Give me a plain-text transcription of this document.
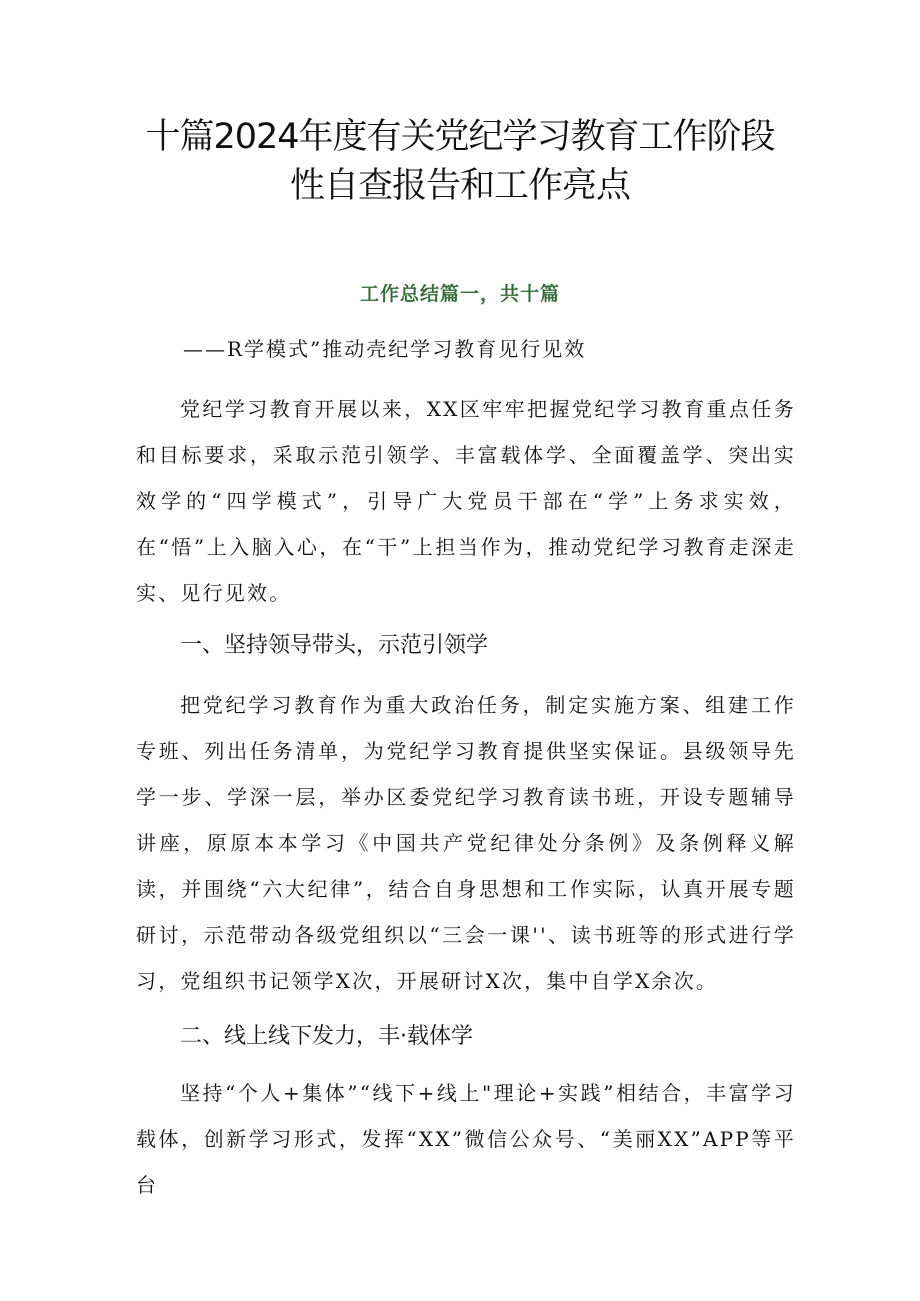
十篇2024年度有关党纪学习教育工作阶段
性自查报告和工作亮点
工作总结篇一，共十篇
——R学模式”推动壳纪学习教育见行见效

党纪学习教育开展以来，XX区牢牢把握党纪学习教育重点任务和目标要求，采取示范引领学、丰富载体学、全面覆盖学、突出实效学的“四学模式”，引导广大党员干部在“学”上务求实效，在“悟”上入脑入心，在“干”上担当作为，推动党纪学习教育走深走实、见行见效。

一、坚持领导带头，示范引领学

把党纪学习教育作为重大政治任务，制定实施方案、组建工作专班、列出任务清单，为党纪学习教育提供坚实保证。县级领导先学一步、学深一层，举办区委党纪学习教育读书班，开设专题辅导讲座，原原本本学习《中国共产党纪律处分条例》及条例释义解读，并围绕“六大纪律”，结合自身思想和工作实际，认真开展专题研讨，示范带动各级党组织以“三会一课''、读书班等的形式进行学习，党组织书记领学X次，开展研讨X次，集中自学X余次。

二、线上线下发力，丰·载体学

坚持“个人+集体”“线下+线上"理论+实践”相结合，丰富学习载体，创新学习形式，发挥“XX”微信公众号、“美丽XX”APP等平台
